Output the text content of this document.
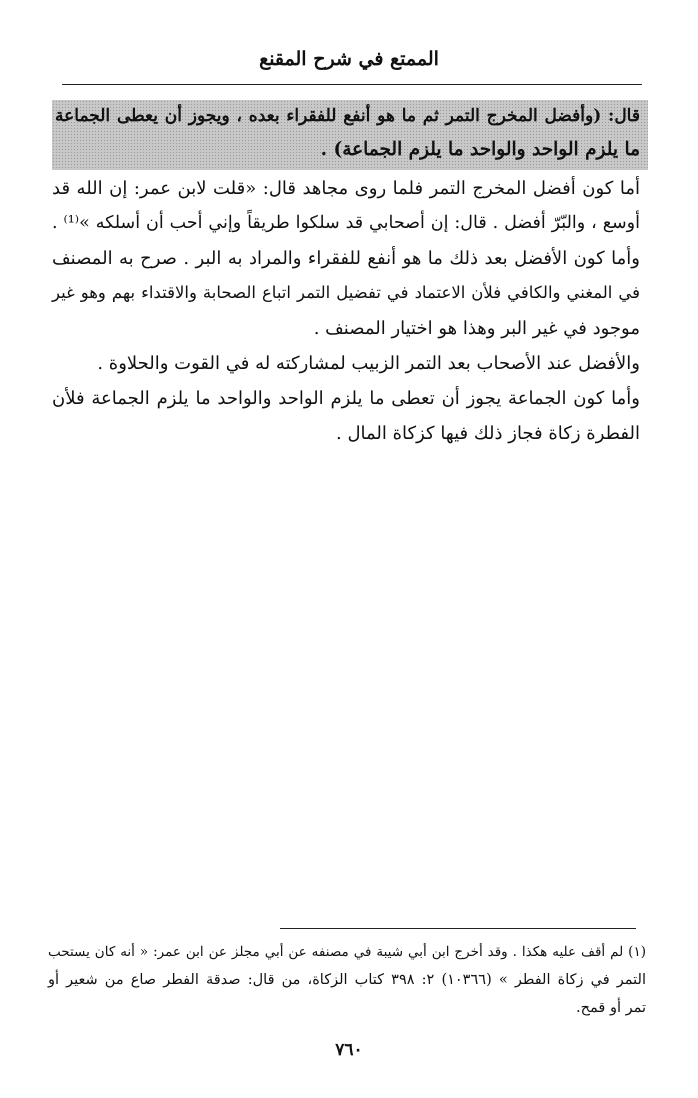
الممتع في شرح المقنع
قال: (وأفضل المخرج التمر ثم ما هو أنفع للفقراء بعده ، ويجوز أن يعطى الجماعة
ما يلزم الواحد والواحد ما يلزم الجماعة) .
أما كون أفضل المخرج التمر فلما روى مجاهد قال: «قلت لابن عمر: إن الله قد
أوسع ، والبّرّ أفضل . قال: إن أصحابي قد سلكوا طريقاً وإني أحب أن أسلكه »⁽¹⁾ .
وأما كون الأفضل بعد ذلك ما هو أنفع للفقراء والمراد به البر . صرح به المصنف
في المغني والكافي فلأن الاعتماد في تفضيل التمر اتباع الصحابة والاقتداء بهم وهو غير
موجود في غير البر وهذا هو اختيار المصنف .
والأفضل عند الأصحاب بعد التمر الزبيب لمشاركته له في القوت والحلاوة .
وأما كون الجماعة يجوز أن تعطى ما يلزم الواحد والواحد ما يلزم الجماعة فلأن
الفطرة زكاة فجاز ذلك فيها كزكاة المال .
(١) لم أقف عليه هكذا . وقد أخرج ابن أبي شيبة في مصنفه عن أبي مجلز عن ابن عمر: « أنه كان يستحب
التمر في زكاة الفطر » (١٠٣٦٦) ٢: ٣٩٨ كتاب الزكاة، من قال: صدقة الفطر صاع من شعير أو
تمر أو قمح.
٧٦٠
